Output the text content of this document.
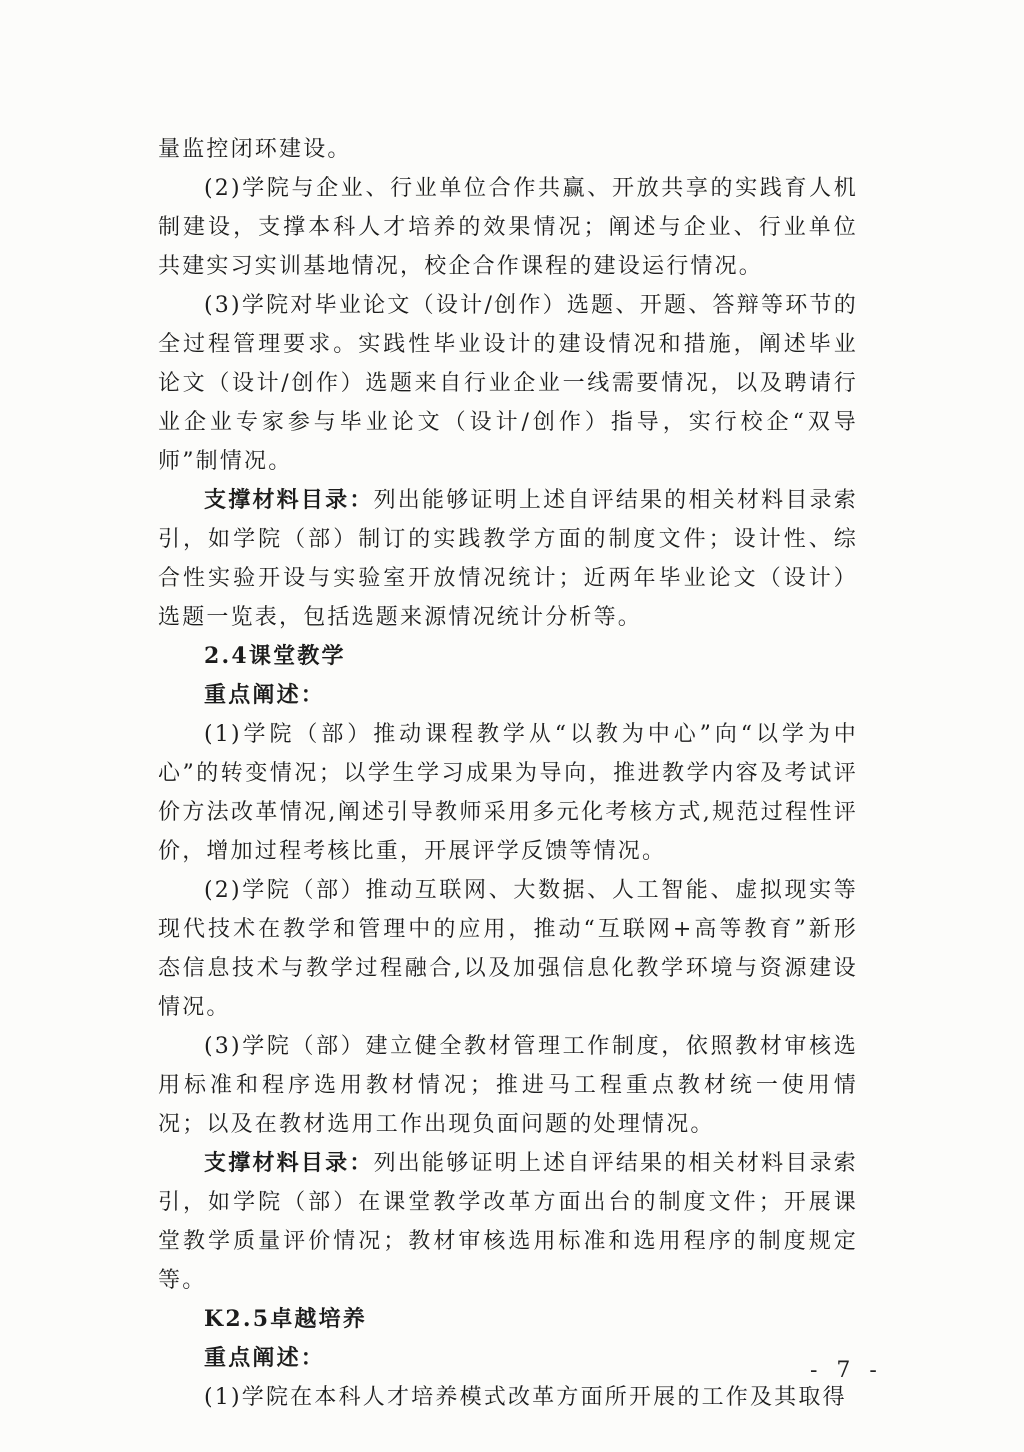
量监控闭环建设。

(2)学院与企业、行业单位合作共赢、开放共享的实践育人机制建设，支撑本科人才培养的效果情况；阐述与企业、行业单位共建实习实训基地情况，校企合作课程的建设运行情况。

(3)学院对毕业论文（设计/创作）选题、开题、答辩等环节的全过程管理要求。实践性毕业设计的建设情况和措施，阐述毕业论文（设计/创作）选题来自行业企业一线需要情况，以及聘请行业企业专家参与毕业论文（设计/创作）指导，实行校企“双导师”制情况。

支撑材料目录：列出能够证明上述自评结果的相关材料目录索引，如学院（部）制订的实践教学方面的制度文件；设计性、综合性实验开设与实验室开放情况统计；近两年毕业论文（设计）选题一览表，包括选题来源情况统计分析等。

2.4课堂教学

重点阐述：

(1)学院（部）推动课程教学从“以教为中心”向“以学为中心”的转变情况；以学生学习成果为导向，推进教学内容及考试评价方法改革情况,阐述引导教师采用多元化考核方式,规范过程性评价，增加过程考核比重，开展评学反馈等情况。

(2)学院（部）推动互联网、大数据、人工智能、虚拟现实等现代技术在教学和管理中的应用，推动“互联网+高等教育”新形态信息技术与教学过程融合,以及加强信息化教学环境与资源建设情况。

(3)学院（部）建立健全教材管理工作制度，依照教材审核选用标准和程序选用教材情况；推进马工程重点教材统一使用情况；以及在教材选用工作出现负面问题的处理情况。

支撑材料目录：列出能够证明上述自评结果的相关材料目录索引，如学院（部）在课堂教学改革方面出台的制度文件；开展课堂教学质量评价情况；教材审核选用标准和选用程序的制度规定等。

K2.5卓越培养

重点阐述：

(1)学院在本科人才培养模式改革方面所开展的工作及其取得

- 7 -
